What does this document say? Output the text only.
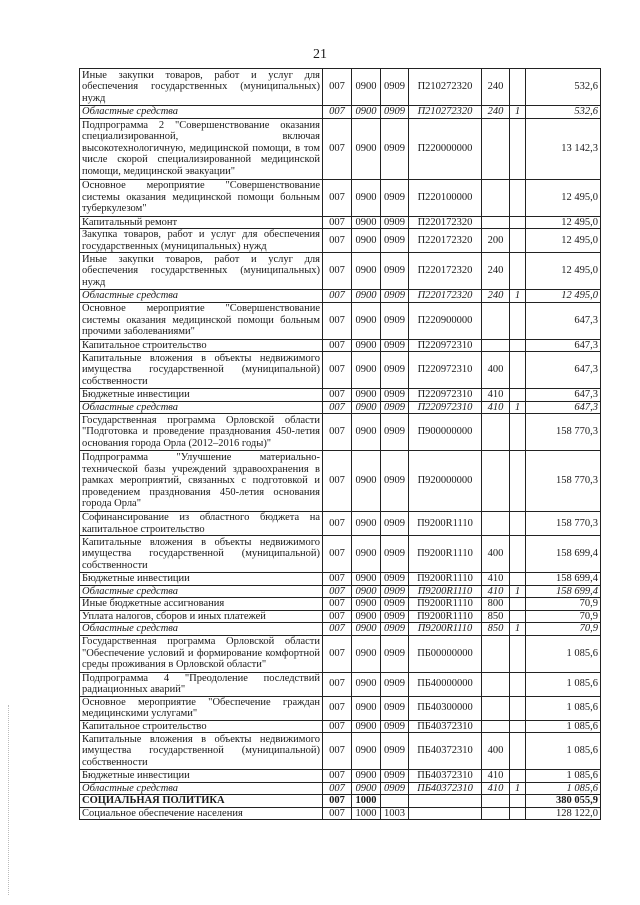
21
Иные закупки товаров, работ и услуг для обеспечения государственных (муниципальных) нужд	007	0900	0909	П210272320	240		532,6
Областные средства	007	0900	0909	П210272320	240	1	532,6
Подпрограмма 2 "Совершенствование оказания специализированной, включая высокотехнологичную, медицинской помощи, в том числе скорой специализированной медицинской помощи, медицинской эвакуации"	007	0900	0909	П220000000			13 142,3
Основное мероприятие "Совершенствование системы оказания медицинской помощи больным туберкулезом"	007	0900	0909	П220100000			12 495,0
Капитальный ремонт	007	0900	0909	П220172320			12 495,0
Закупка товаров, работ и услуг для обеспечения государственных (муниципальных) нужд	007	0900	0909	П220172320	200		12 495,0
Иные закупки товаров, работ и услуг для обеспечения государственных (муниципальных) нужд	007	0900	0909	П220172320	240		12 495,0
Областные средства	007	0900	0909	П220172320	240	1	12 495,0
Основное мероприятие "Совершенствование системы оказания медицинской помощи больным прочими заболеваниями"	007	0900	0909	П220900000			647,3
Капитальное строительство	007	0900	0909	П220972310			647,3
Капитальные вложения в объекты недвижимого имущества государственной (муниципальной) собственности	007	0900	0909	П220972310	400		647,3
Бюджетные инвестиции	007	0900	0909	П220972310	410		647,3
Областные средства	007	0900	0909	П220972310	410	1	647,3
Государственная программа Орловской области "Подготовка и проведение празднования 450-летия основания города Орла (2012–2016 годы)"	007	0900	0909	П900000000			158 770,3
Подпрограмма "Улучшение материально-технической базы учреждений здравоохранения в рамках мероприятий, связанных с подготовкой и проведением празднования 450-летия основания города Орла"	007	0900	0909	П920000000			158 770,3
Софинансирование из областного бюджета на капитальное строительство	007	0900	0909	П9200R1110			158 770,3
Капитальные вложения в объекты недвижимого имущества государственной (муниципальной) собственности	007	0900	0909	П9200R1110	400		158 699,4
Бюджетные инвестиции	007	0900	0909	П9200R1110	410		158 699,4
Областные средства	007	0900	0909	П9200R1110	410	1	158 699,4
Иные бюджетные ассигнования	007	0900	0909	П9200R1110	800		70,9
Уплата налогов, сборов и иных платежей	007	0900	0909	П9200R1110	850		70,9
Областные средства	007	0900	0909	П9200R1110	850	1	70,9
Государственная программа Орловской области "Обеспечение условий и формирование комфортной среды проживания в Орловской области"	007	0900	0909	ПБ00000000			1 085,6
Подпрограмма 4 "Преодоление последствий радиационных аварий"	007	0900	0909	ПБ40000000			1 085,6
Основное мероприятие "Обеспечение граждан медицинскими услугами"	007	0900	0909	ПБ40300000			1 085,6
Капитальное строительство	007	0900	0909	ПБ40372310			1 085,6
Капитальные вложения в объекты недвижимого имущества государственной (муниципальной) собственности	007	0900	0909	ПБ40372310	400		1 085,6
Бюджетные инвестиции	007	0900	0909	ПБ40372310	410		1 085,6
Областные средства	007	0900	0909	ПБ40372310	410	1	1 085,6
СОЦИАЛЬНАЯ ПОЛИТИКА	007	1000					380 055,9
Социальное обеспечение населения	007	1000	1003				128 122,0
